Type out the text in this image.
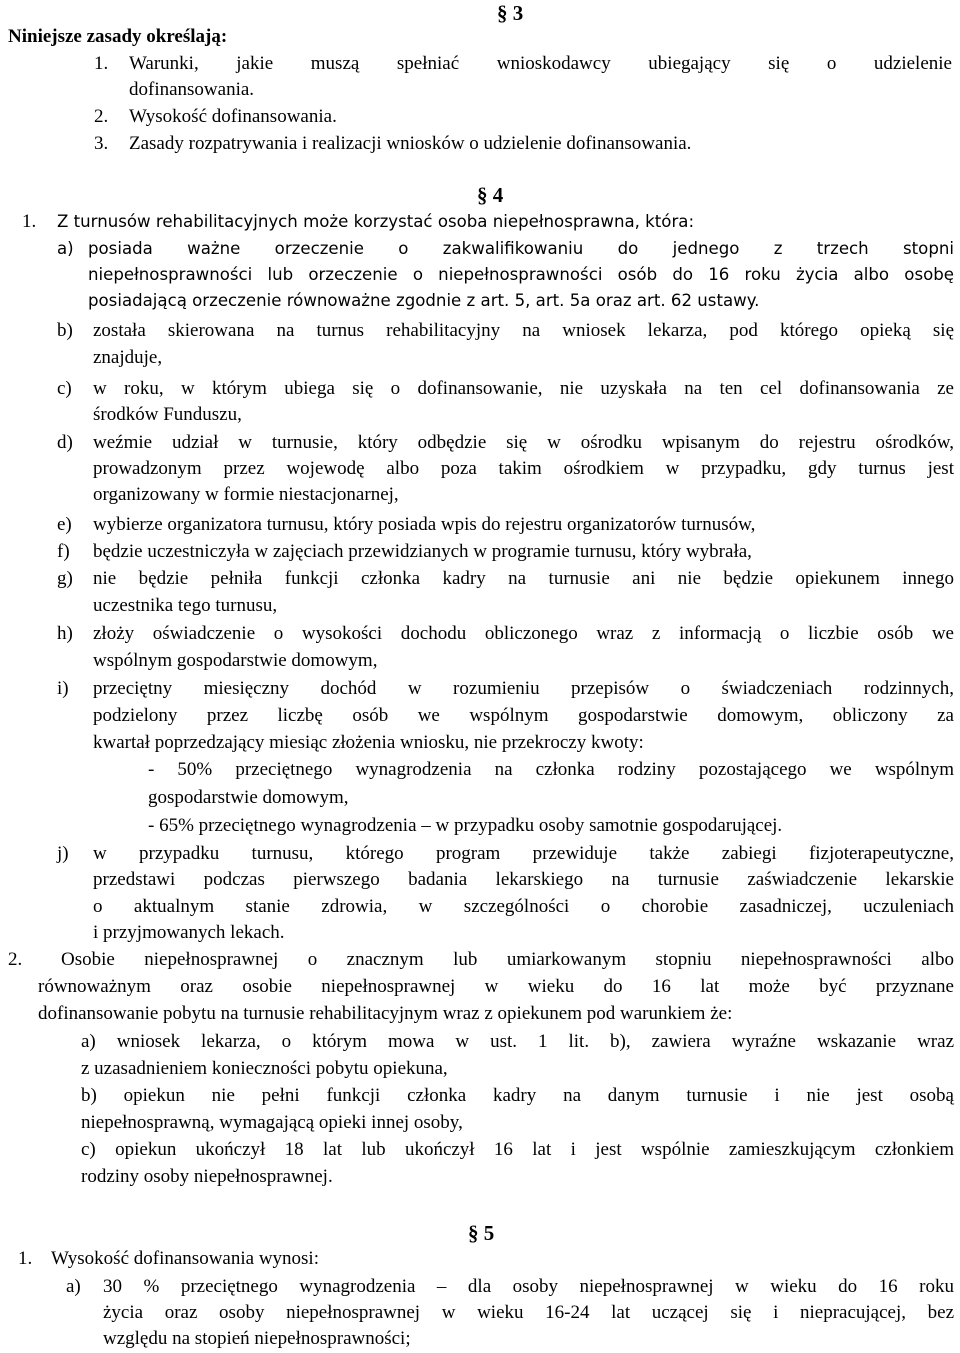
§ 3
Niniejsze zasady określają:
1. Warunki, jakie muszą spełniać wnioskodawcy ubiegający się o udzielenie
dofinansowania.
2. Wysokość dofinansowania.
3. Zasady rozpatrywania i realizacji wniosków o udzielenie dofinansowania.
§ 4
1. Z turnusów rehabilitacyjnych może korzystać osoba niepełnosprawna, która:
a) posiada ważne orzeczenie o zakwalifikowaniu do jednego z trzech stopni
niepełnosprawności lub orzeczenie o niepełnosprawności osób do 16 roku życia albo osobę
posiadającą orzeczenie równoważne zgodnie z art. 5, art. 5a oraz art. 62 ustawy.
b) została skierowana na turnus rehabilitacyjny na wniosek lekarza, pod którego opieką się
znajduje,
c) w roku, w którym ubiega się o dofinansowanie, nie uzyskała na ten cel dofinansowania ze
środków Funduszu,
d) weźmie udział w turnusie, który odbędzie się w ośrodku wpisanym do rejestru ośrodków,
prowadzonym przez wojewodę albo poza takim ośrodkiem w przypadku, gdy turnus jest
organizowany w formie niestacjonarnej,
e) wybierze organizatora turnusu, który posiada wpis do rejestru organizatorów turnusów,
f) będzie uczestniczyła w zajęciach przewidzianych w programie turnusu, który wybrała,
g) nie będzie pełniła funkcji członka kadry na turnusie ani nie będzie opiekunem innego
uczestnika tego turnusu,
h) złoży oświadczenie o wysokości dochodu obliczonego wraz z informacją o liczbie osób we
wspólnym gospodarstwie domowym,
i) przeciętny miesięczny dochód w rozumieniu przepisów o świadczeniach rodzinnych,
podzielony przez liczbę osób we wspólnym gospodarstwie domowym, obliczony za
kwartał poprzedzający miesiąc złożenia wniosku, nie przekroczy kwoty:
- 50% przeciętnego wynagrodzenia na członka rodziny pozostającego we wspólnym
gospodarstwie domowym,
- 65% przeciętnego wynagrodzenia – w przypadku osoby samotnie gospodarującej.
j) w przypadku turnusu, którego program przewiduje także zabiegi fizjoterapeutyczne,
przedstawi podczas pierwszego badania lekarskiego na turnusie zaświadczenie lekarskie
o aktualnym stanie zdrowia, w szczególności o chorobie zasadniczej, uczuleniach
i przyjmowanych lekach.
2. Osobie niepełnosprawnej o znacznym lub umiarkowanym stopniu niepełnosprawności albo
równoważnym oraz osobie niepełnosprawnej w wieku do 16 lat może być przyznane
dofinansowanie pobytu na turnusie rehabilitacyjnym wraz z opiekunem pod warunkiem że:
a) wniosek lekarza, o którym mowa w ust. 1 lit. b), zawiera wyraźne wskazanie wraz
z uzasadnieniem konieczności pobytu opiekuna,
b) opiekun nie pełni funkcji członka kadry na danym turnusie i nie jest osobą
niepełnosprawną, wymagającą opieki innej osoby,
c) opiekun ukończył 18 lat lub ukończył 16 lat i jest wspólnie zamieszkującym członkiem
rodziny osoby niepełnosprawnej.
§ 5
1. Wysokość dofinansowania wynosi:
a) 30 % przeciętnego wynagrodzenia – dla osoby niepełnosprawnej w wieku do 16 roku
życia oraz osoby niepełnosprawnej w wieku 16-24 lat uczącej się i niepracującej, bez
względu na stopień niepełnosprawności;
